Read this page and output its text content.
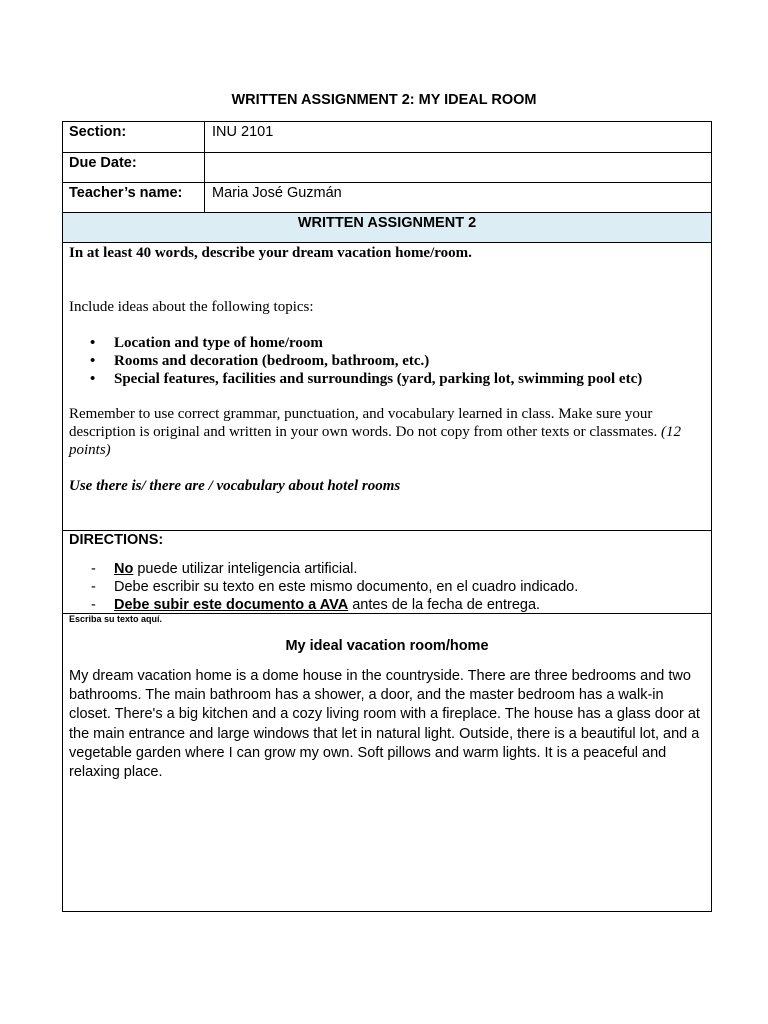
WRITTEN ASSIGNMENT 2: MY IDEAL ROOM
Section:	INU 2101
Due Date:
Teacher’s name:	Maria José Guzmán
WRITTEN ASSIGNMENT 2
In at least 40 words, describe your dream vacation home/room.
Include ideas about the following topics:
• Location and type of home/room
• Rooms and decoration (bedroom, bathroom, etc.)
• Special features, facilities and surroundings (yard, parking lot, swimming pool etc)
Remember to use correct grammar, punctuation, and vocabulary learned in class. Make sure your description is original and written in your own words. Do not copy from other texts or classmates. (12 points)
Use there is/ there are / vocabulary about hotel rooms
DIRECTIONS:
- No puede utilizar inteligencia artificial.
- Debe escribir su texto en este mismo documento, en el cuadro indicado.
- Debe subir este documento a AVA antes de la fecha de entrega.
Escriba su texto aquí.
My ideal vacation room/home
My dream vacation home is a dome house in the countryside. There are three bedrooms and two bathrooms. The main bathroom has a shower, a door, and the master bedroom has a walk-in closet. There's a big kitchen and a cozy living room with a fireplace. The house has a glass door at the main entrance and large windows that let in natural light. Outside, there is a beautiful lot, and a vegetable garden where I can grow my own. Soft pillows and warm lights. It is a peaceful and relaxing place.
